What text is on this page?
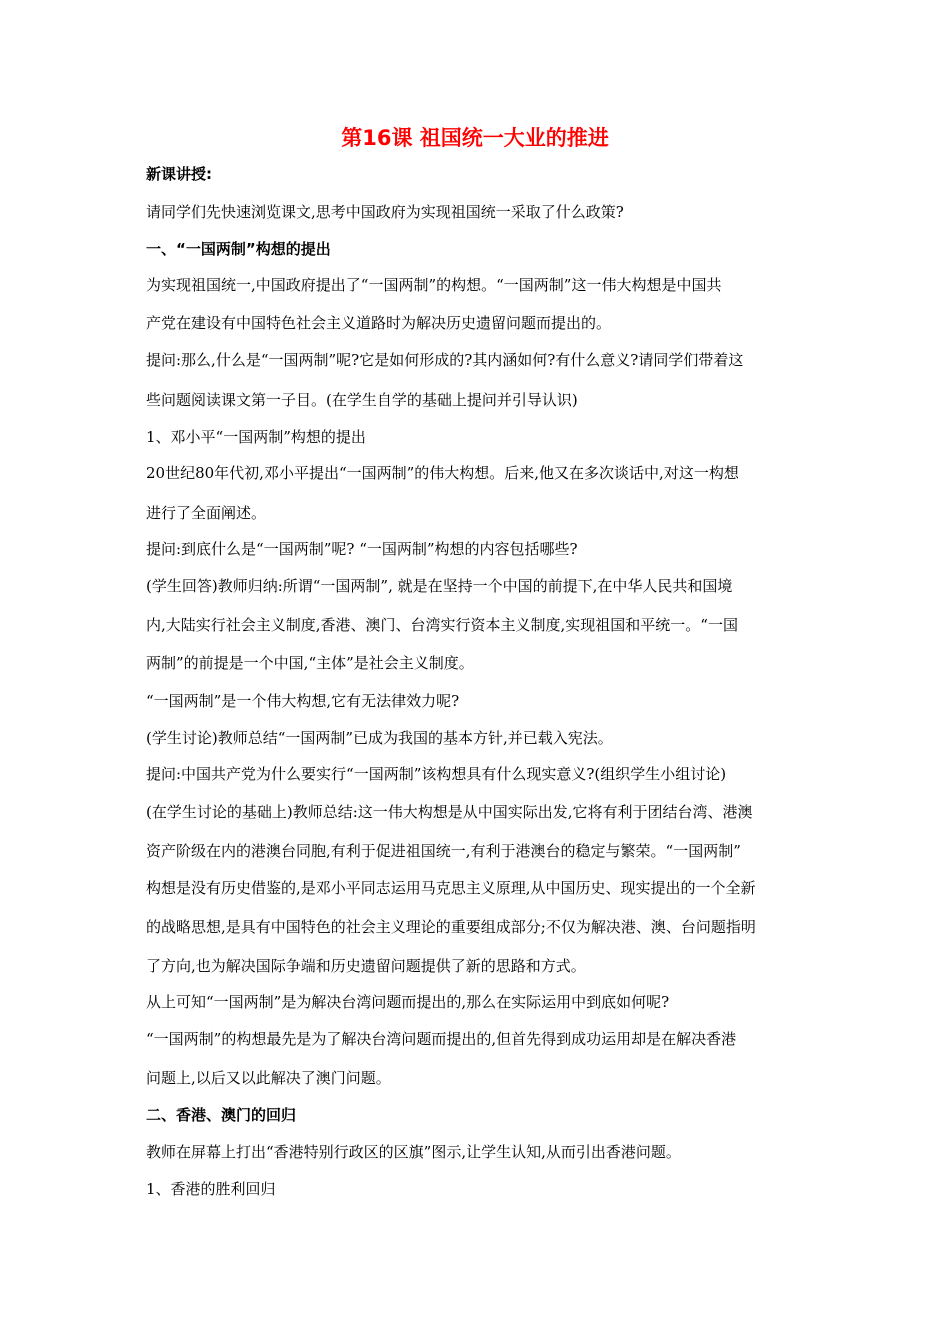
第16课 祖国统一大业的推进
新课讲授:
请同学们先快速浏览课文,思考中国政府为实现祖国统一采取了什么政策?
一、“一国两制”构想的提出
为实现祖国统一,中国政府提出了“一国两制”的构想。“一国两制”这一伟大构想是中国共
产党在建设有中国特色社会主义道路时为解决历史遗留问题而提出的。
提问:那么,什么是“一国两制”呢?它是如何形成的?其内涵如何?有什么意义?请同学们带着这
些问题阅读课文第一子目。(在学生自学的基础上提问并引导认识)
1、邓小平“一国两制”构想的提出
20世纪80年代初,邓小平提出“一国两制”的伟大构想。后来,他又在多次谈话中,对这一构想
进行了全面阐述。
提问:到底什么是“一国两制”呢? “一国两制”构想的内容包括哪些?
(学生回答)教师归纳:所谓“一国两制”, 就是在坚持一个中国的前提下,在中华人民共和国境
内,大陆实行社会主义制度,香港、澳门、台湾实行资本主义制度,实现祖国和平统一。“一国
两制”的前提是一个中国,“主体”是社会主义制度。
“一国两制”是一个伟大构想,它有无法律效力呢?
(学生讨论)教师总结“一国两制”已成为我国的基本方针,并已载入宪法。
提问:中国共产党为什么要实行“一国两制”该构想具有什么现实意义?(组织学生小组讨论)
(在学生讨论的基础上)教师总结:这一伟大构想是从中国实际出发,它将有利于团结台湾、港澳
资产阶级在内的港澳台同胞,有利于促进祖国统一,有利于港澳台的稳定与繁荣。“一国两制”
构想是没有历史借鉴的,是邓小平同志运用马克思主义原理,从中国历史、现实提出的一个全新
的战略思想,是具有中国特色的社会主义理论的重要组成部分;不仅为解决港、澳、台问题指明
了方向,也为解决国际争端和历史遗留问题提供了新的思路和方式。
从上可知“一国两制”是为解决台湾问题而提出的,那么在实际运用中到底如何呢?
“一国两制”的构想最先是为了解决台湾问题而提出的,但首先得到成功运用却是在解决香港
问题上,以后又以此解决了澳门问题。
二、香港、澳门的回归
教师在屏幕上打出“香港特别行政区的区旗”图示,让学生认知,从而引出香港问题。
1、香港的胜利回归
